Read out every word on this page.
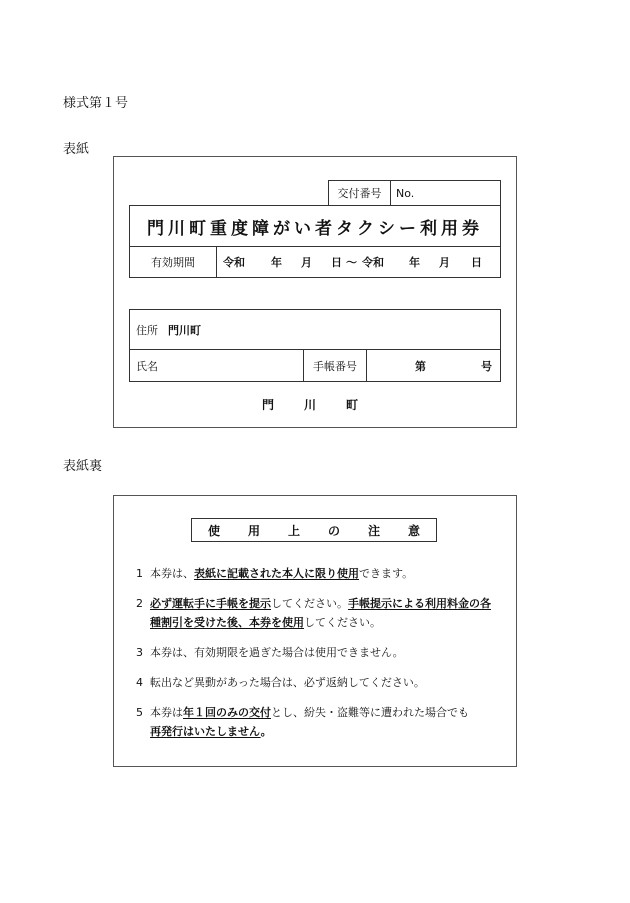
様式第１号
表紙
交付番号	No.
門川町重度障がい者タクシー利用券
有効期間	令和 年 月 日 ～ 令和 年 月 日
住所 門川町
氏名	手帳番号	第	号
門 川 町
表紙裏
使	用	上	の	注	意
1 本券は、表紙に記載された本人に限り使用できます。
2 必ず運転手に手帳を提示してください。手帳提示による利用料金の各
種割引を受けた後、本券を使用してください。
3 本券は、有効期限を過ぎた場合は使用できません。
4 転出など異動があった場合は、必ず返納してください。
5 本券は年１回のみの交付とし、紛失・盗難等に遭われた場合でも
再発行はいたしません。
